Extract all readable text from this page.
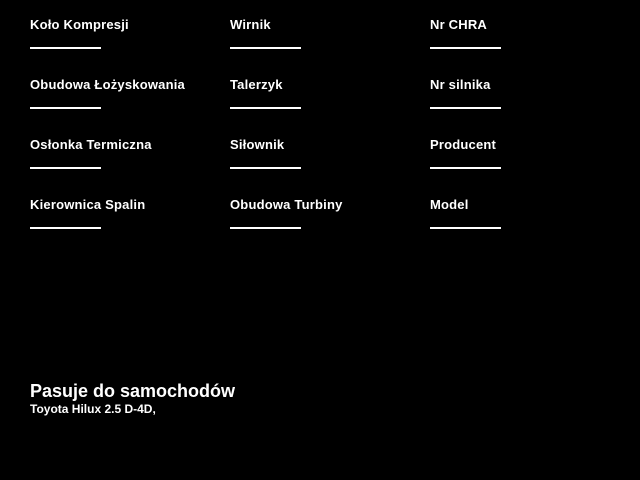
Koło Kompresji	Wirnik	Nr CHRA
Obudowa Łożyskowania	Talerzyk	Nr silnika
Osłonka Termiczna	Siłownik	Producent
Kierownica Spalin	Obudowa Turbiny	Model
Pasuje do samochodów
Toyota Hilux 2.5 D-4D,
